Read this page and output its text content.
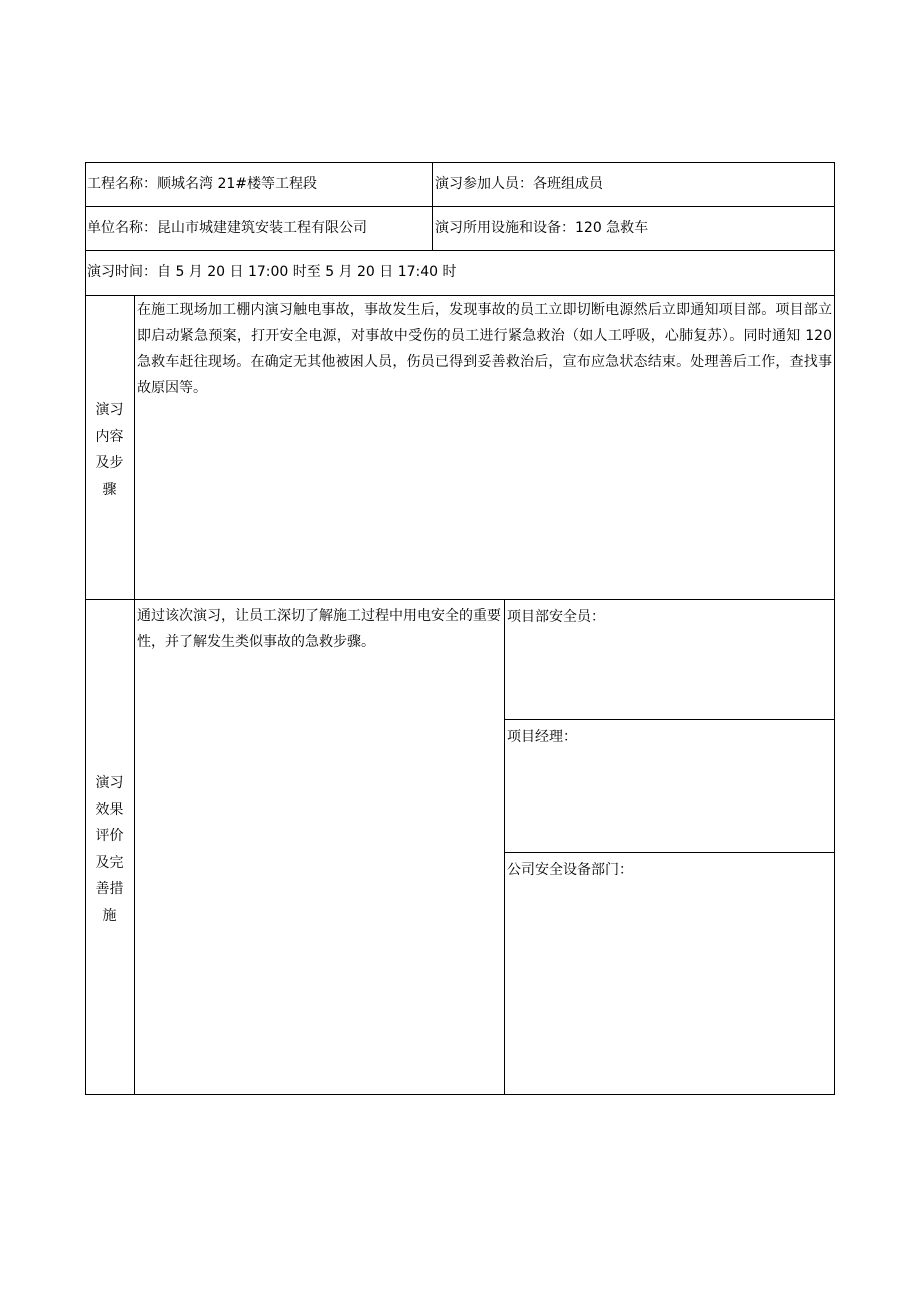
工程名称：顺城名湾 21#楼等工程段	演习参加人员：各班组成员
单位名称：昆山市城建建筑安装工程有限公司	演习所用设施和设备：120 急救车
演习时间：自 5 月 20 日 17:00 时至 5 月 20 日 17:40 时
演习
内容
及步
骤
在施工现场加工棚内演习触电事故，事故发生后，发现事故的员工立即切断电源然后立即通知项目部。项目部立即启动紧急预案，打开安全电源，对事故中受伤的员工进行紧急救治（如人工呼吸，心肺复苏）。同时通知 120 急救车赶往现场。在确定无其他被困人员，伤员已得到妥善救治后，宣布应急状态结束。处理善后工作，查找事故原因等。
演习
效果
评价
及完
善措
施
通过该次演习，让员工深切了解施工过程中用电安全的重要性，并了解发生类似事故的急救步骤。
项目部安全员：
项目经理：
公司安全设备部门：
